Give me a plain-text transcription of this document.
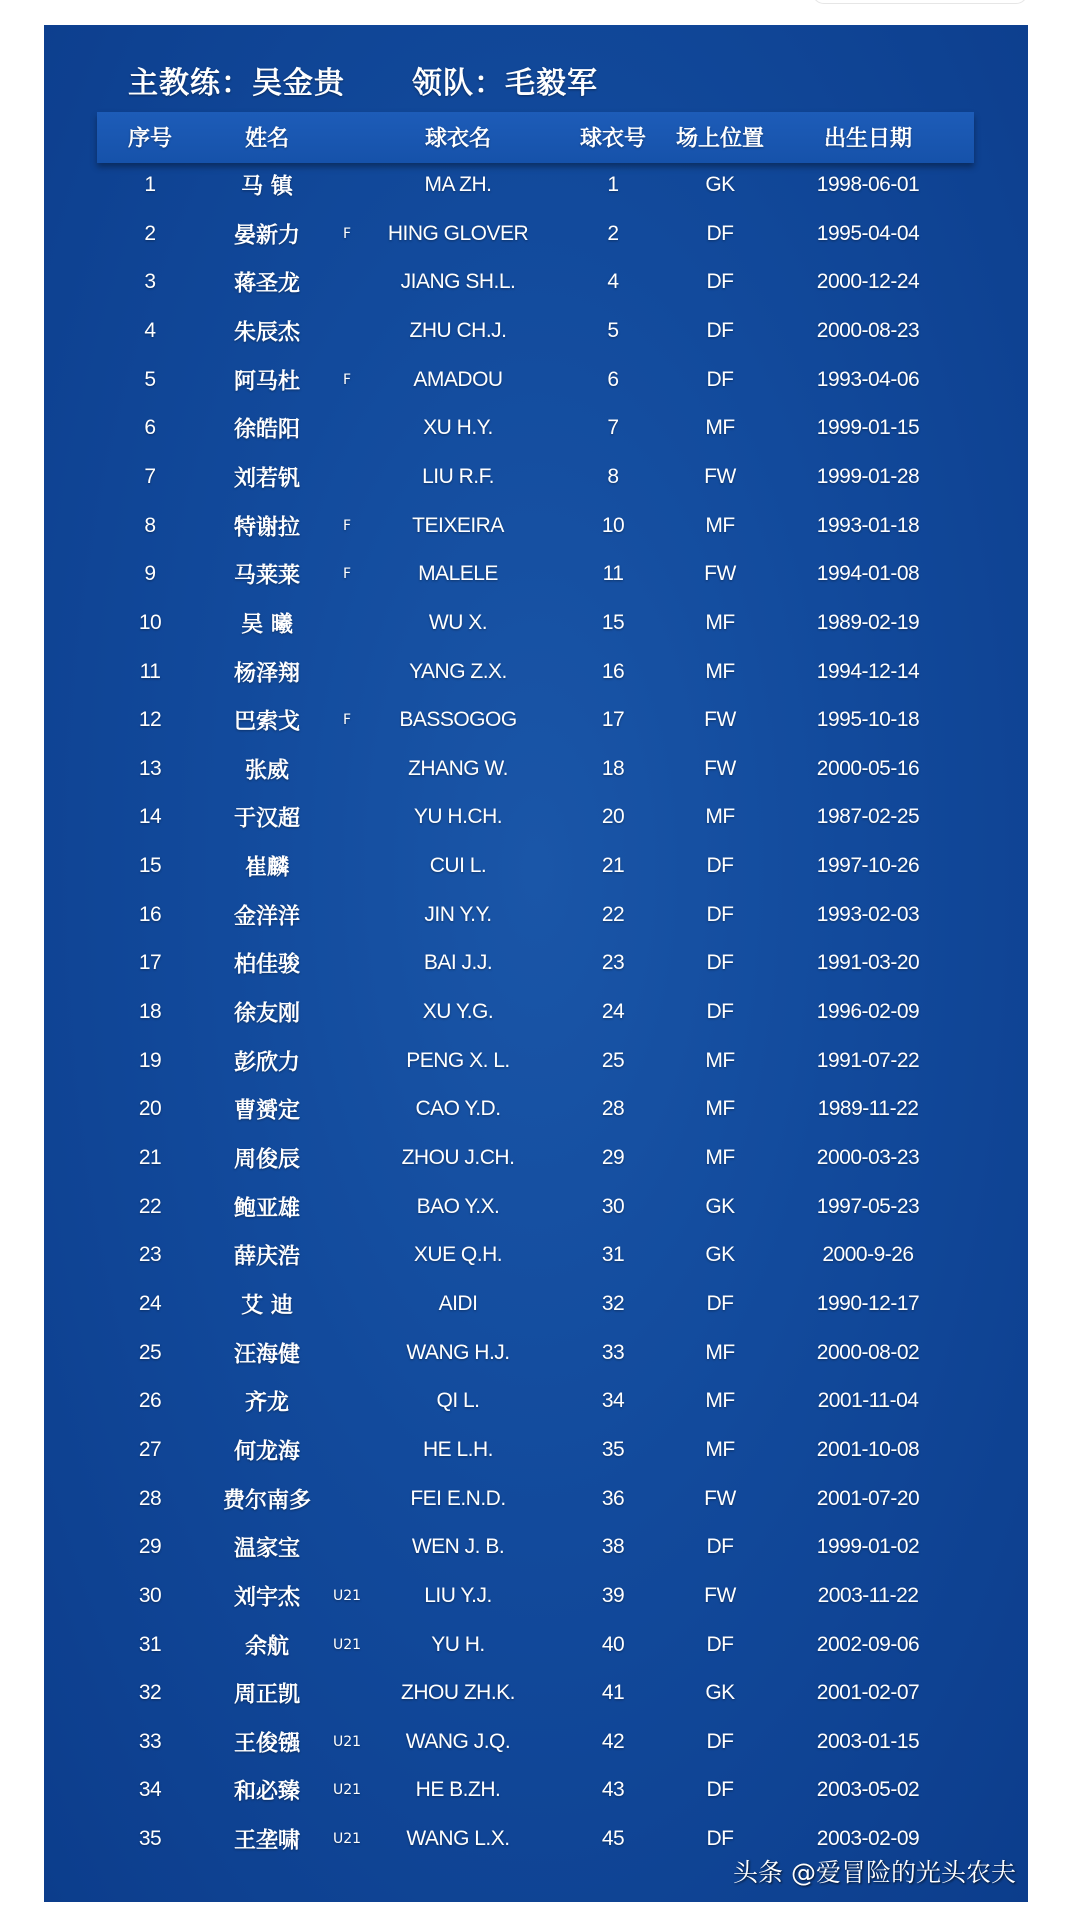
主教练：吴金贵 领队：毛毅军
序号	姓名	球衣名	球衣号 场上位置	出生日期
1	马 镇	MA ZH.	1	GK	1998-06-01
2	晏新力	F HING GLOVER	2	DF	1995-04-04
3	蒋圣龙	JIANG SH.L.	4	DF	2000-12-24
4	朱辰杰	ZHU CH.J.	5	DF	2000-08-23
5	阿马杜	F	AMADOU	6	DF	1993-04-06
6	徐皓阳	XU H.Y.	7	MF	1999-01-15
7	刘若钒	LIU R.F.	8	FW	1999-01-28
8	特谢拉	F	TEIXEIRA	10	MF	1993-01-18
9	马莱莱	F	MALELE	11	FW	1994-01-08
10	吴 曦	WU X.	15	MF	1989-02-19
11	杨泽翔	YANG Z.X.	16	MF	1994-12-14
12	巴索戈	F BASSOGOG	17	FW	1995-10-18
13	张威	ZHANG W.	18	FW	2000-05-16
14	于汉超	YU H.CH.	20	MF	1987-02-25
15	崔麟	CUI L.	21	DF	1997-10-26
16	金洋洋	JIN Y.Y.	22	DF	1993-02-03
17	柏佳骏	BAI J.J.	23	DF	1991-03-20
18	徐友刚	XU Y.G.	24	DF	1996-02-09
19	彭欣力	PENG X. L.	25	MF	1991-07-22
20	曹赟定	CAO Y.D.	28	MF	1989-11-22
21	周俊辰	ZHOU J.CH.	29	MF	2000-03-23
22	鲍亚雄	BAO Y.X.	30	GK	1997-05-23
23	薛庆浩	XUE Q.H.	31	GK	2000-9-26
24	艾 迪	AIDI	32	DF	1990-12-17
25	汪海健	WANG H.J.	33	MF	2000-08-02
26	齐龙	QI L.	34	MF	2001-11-04
27	何龙海	HE L.H.	35	MF	2001-10-08
28	费尔南多	FEI E.N.D.	36	FW	2001-07-20
29	温家宝	WEN J. B.	38	DF	1999-01-02
30	刘宇杰 U21	LIU Y.J.	39	FW	2003-11-22
31	余航	U21	YU H.	40	DF	2002-09-06
32	周正凯	ZHOU ZH.K.	41	GK	2001-02-07
33	王俊镪 U21 WANG J.Q.	42	DF	2003-01-15
34	和必臻 U21	HE B.ZH.	43	DF	2003-05-02
35	王垄啸 U21 WANG L.X.	45	DF	2003-02-09
头条 @爱冒险的光头农夫
